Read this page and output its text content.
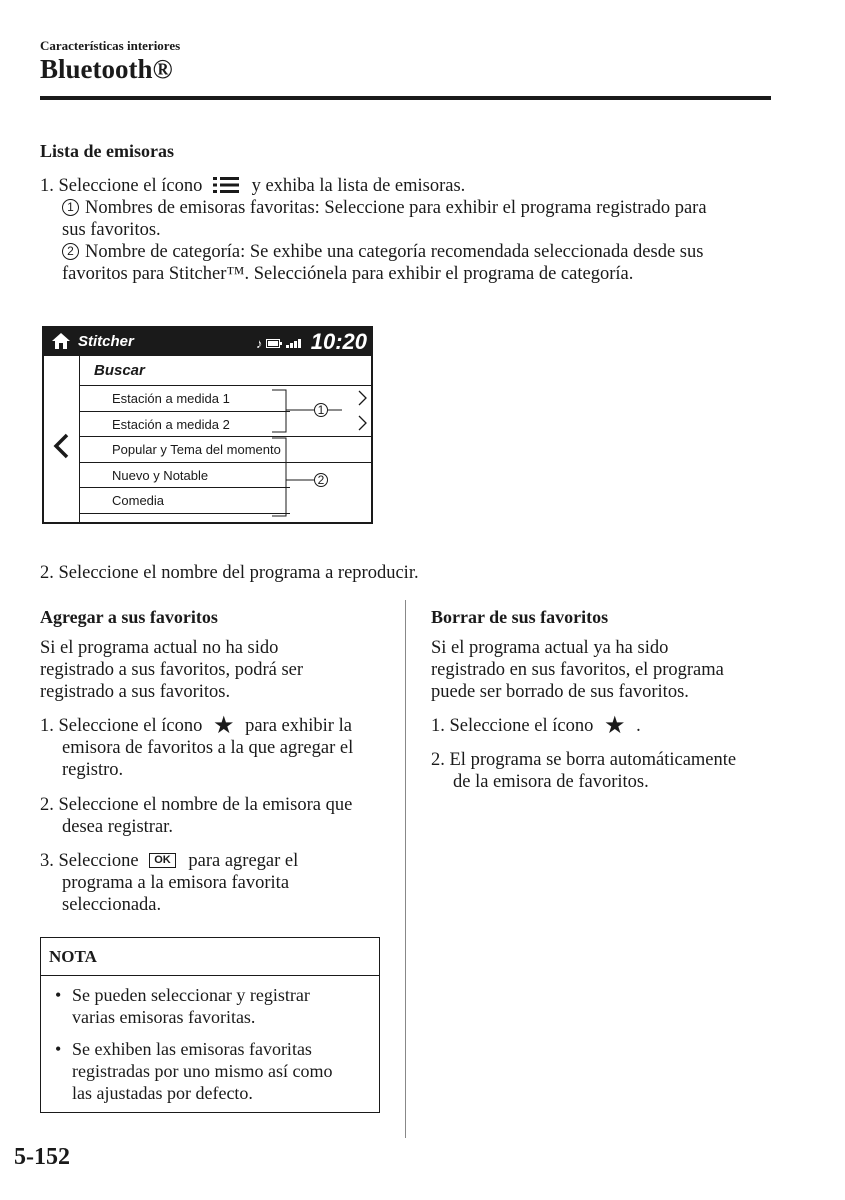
Características interiores
Bluetooth®
Lista de emisoras
1. Seleccione el ícono	y exhiba la lista de emisoras.
1 Nombres de emisoras favoritas: Seleccione para exhibir el programa registrado para
sus favoritos.
2 Nombre de categoría: Se exhibe una categoría recomendada seleccionada desde sus
favoritos para Stitcher™. Selecciónela para exhibir el programa de categoría.
Stitcher	♪	10:20
Buscar
Estación a medida 1
Estación a medida 2
Popular y Tema del momento
Nuevo y Notable
Comedia
1
2
2. Seleccione el nombre del programa a reproducir.
Agregar a sus favoritos
Si el programa actual no ha sido
registrado a sus favoritos, podrá ser
registrado a sus favoritos.
1. Seleccione el ícono ★ para exhibir la
emisora de favoritos a la que agregar el
registro.
2. Seleccione el nombre de la emisora que
desea registrar.
3. Seleccione OK para agregar el
programa a la emisora favorita
seleccionada.
NOTA
• Se pueden seleccionar y registrar
varias emisoras favoritas.
• Se exhiben las emisoras favoritas
registradas por uno mismo así como
las ajustadas por defecto.
Borrar de sus favoritos
Si el programa actual ya ha sido
registrado en sus favoritos, el programa
puede ser borrado de sus favoritos.
1. Seleccione el ícono ★ .
2. El programa se borra automáticamente
de la emisora de favoritos.
5-152
